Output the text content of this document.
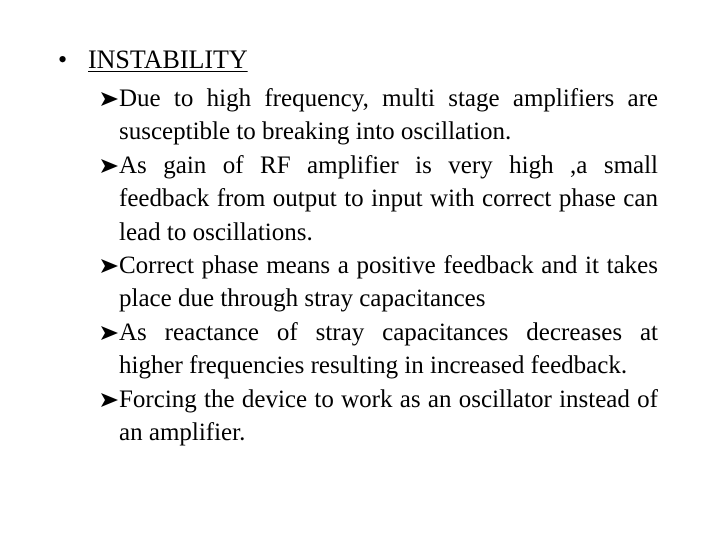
• INSTABILITY
Due to high frequency, multi stage amplifiers are susceptible to breaking into oscillation.
As gain of RF amplifier is very high ,a small feedback from output to input with correct phase can lead to oscillations.
Correct phase means a positive feedback and it takes place due through stray capacitances
As reactance of stray capacitances decreases at higher frequencies resulting in increased feedback.
Forcing the device to work as an oscillator instead of an amplifier.
